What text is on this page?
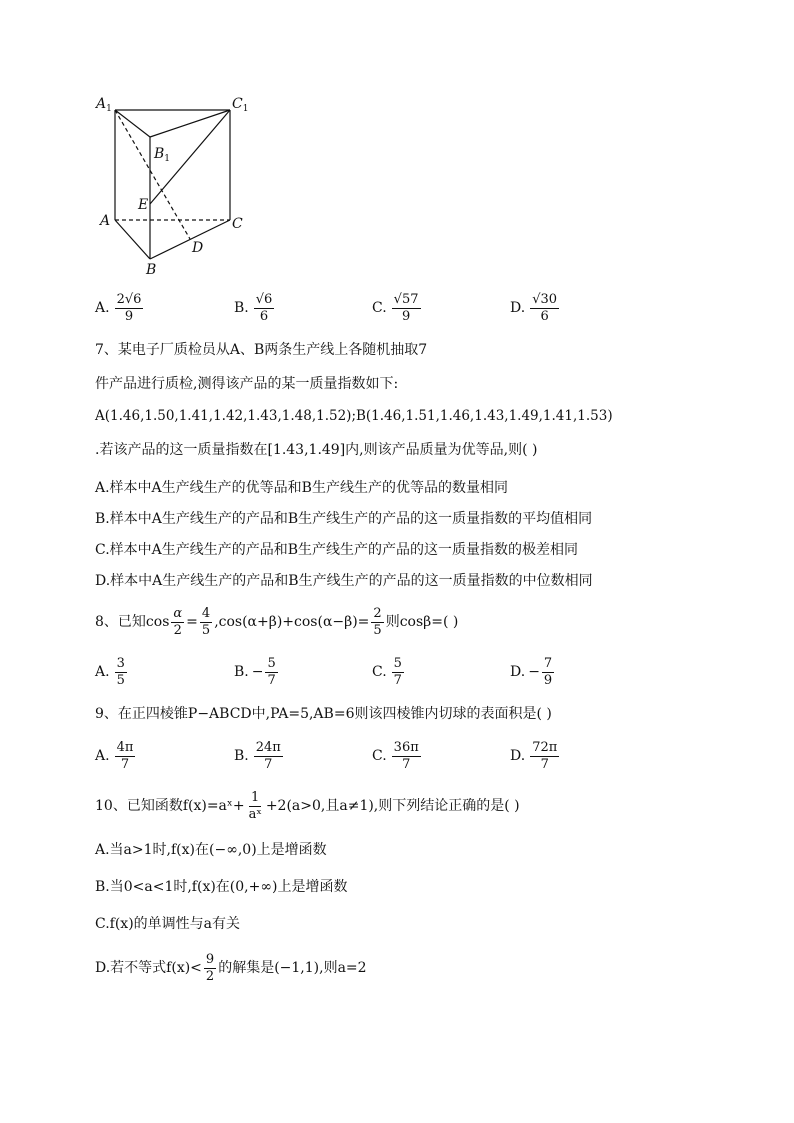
$A_1$	$C_1$
$B_1$
E
A	C
D
B
A. $\frac{2√6}{9}$	B. $\frac{√6}{6}$	C. $\frac{√57}{9}$	D. $\frac{√30}{6}$
7、某电子厂质检员从A、B两条生产线上各随机抽取7
件产品进行质检,测得该产品的某一质量指数如下:
A(1.46,1.50,1.41,1.42,1.43,1.48,1.52);B(1.46,1.51,1.46,1.43,1.49,1.41,1.53)
.若该产品的这一质量指数在[1.43,1.49]内,则该产品质量为优等品,则( )
A.样本中A生产线生产的优等品和B生产线生产的优等品的数量相同
B.样本中A生产线生产的产品和B生产线生产的产品的这一质量指数的平均值相同
C.样本中A生产线生产的产品和B生产线生产的产品的这一质量指数的极差相同
D.样本中A生产线生产的产品和B生产线生产的产品的这一质量指数的中位数相同
8、已知 $\cos \frac{\alpha}{2} = \frac{4}{5} ,\cos(\alpha+\beta)+\cos(\alpha-\beta)= \frac{2}{5}$ 则cosβ=( )
A. $\frac{3}{5}$	B. − $\frac{5}{7}$	C. $\frac{5}{7}$	D. − $\frac{7}{9}$
9、在正四棱锥P−ABCD中,PA=5,AB=6则该四棱锥内切球的表面积是( )
A. $\frac{4\pi}{7}$	B. $\frac{24\pi}{7}$	C. $\frac{36\pi}{7}$	D. $\frac{72\pi}{7}$
10、已知函数f(x)=aˣ+ $\frac{1}{\text{aˣ}} +2(a>0$,且a≠1),则下列结论正确的是( )
A.当a>1时,f(x)在(−∞,0)上是增函数
B.当0<a<1时,f(x)在(0,+∞)上是增函数
C.f(x)的单调性与a有关
D.若不等式$f(x)< \frac{9}{2}$ 的解集是(−1,1),则a=2
